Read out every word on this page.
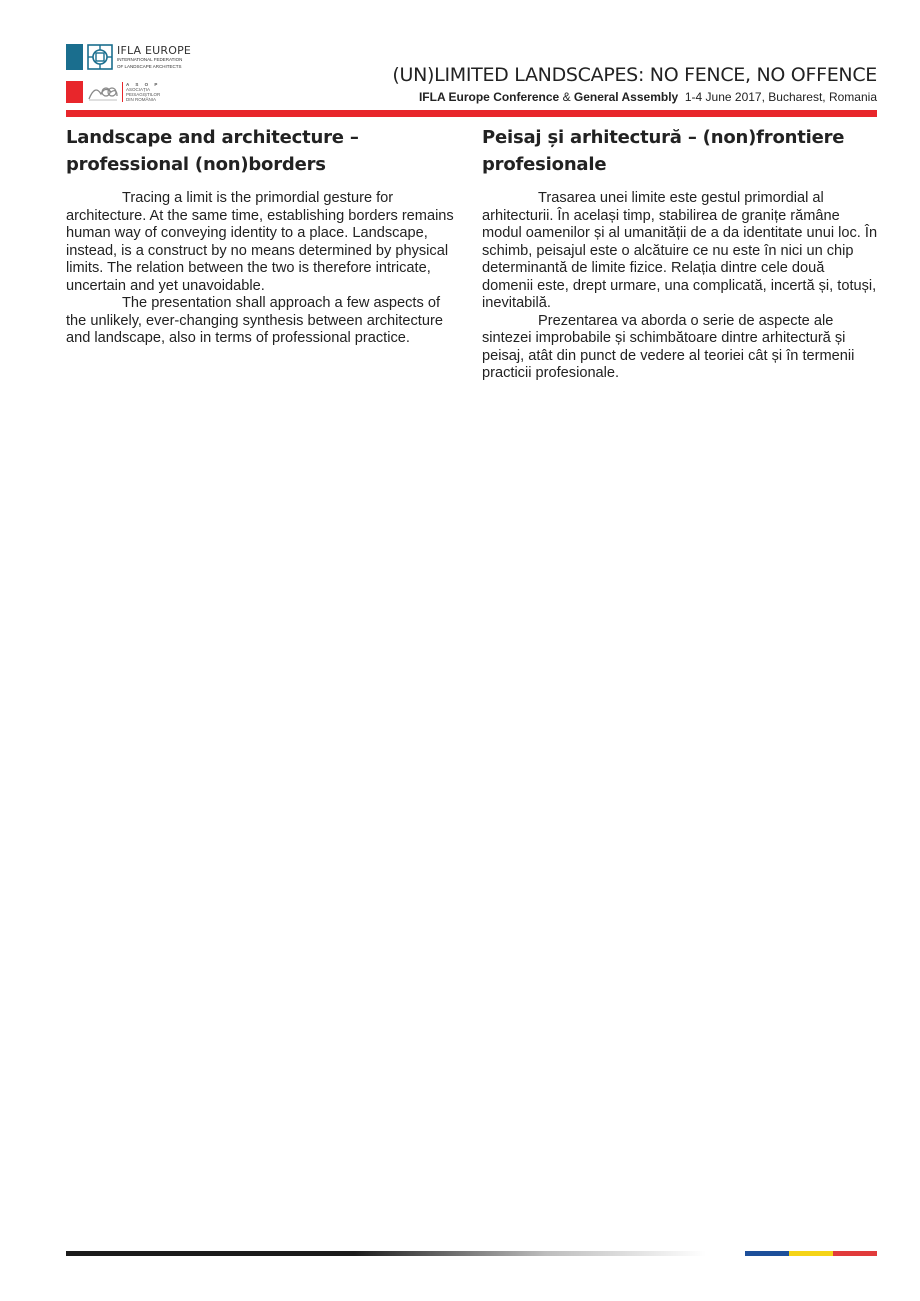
IFLA EUROPE
INTERNATIONAL FEDERATION
OF LANDSCAPE ARCHITECTS
A S O P
ASOCIAȚIA
PEISAGIȘTILOR
DIN ROMÂNIA
(UN)LIMITED LANDSCAPES: NO FENCE, NO OFFENCE
IFLA Europe Conference & General Assembly 1-4 June 2017, Bucharest, Romania
Landscape and architecture – professional (non)borders

Tracing a limit is the primordial gesture for architecture. At the same time, establishing borders remains human way of conveying identity to a place. Landscape, instead, is a construct by no means determined by physical limits. The relation between the two is therefore intricate, uncertain and yet unavoidable.

The presentation shall approach a few aspects of the unlikely, ever-changing synthesis between architecture and landscape, also in terms of professional practice.

Peisaj și arhitectură – (non)frontiere profesionale

Trasarea unei limite este gestul primordial al arhitecturii. În același timp, stabilirea de granițe rămâne modul oamenilor și al umanității de a da identitate unui loc. În schimb, peisajul este o alcătuire ce nu este în nici un chip determinantă de limite fizice. Relația dintre cele două domenii este, drept urmare, una complicată, incertă și, totuși, inevitabilă.

Prezentarea va aborda o serie de aspecte ale sintezei improbabile și schimbătoare dintre arhitectură și peisaj, atât din punct de vedere al teoriei cât și în termenii practicii profesionale.
